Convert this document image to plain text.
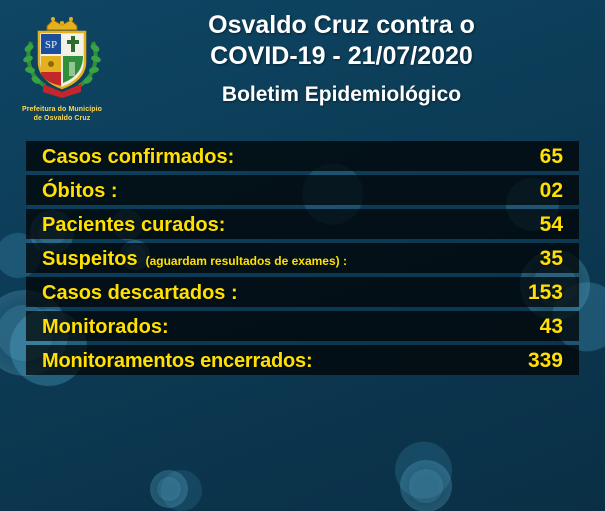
SP
Prefeitura do Município
de Osvaldo Cruz
Osvaldo Cruz contra o
COVID-19 - 21/07/2020
Boletim Epidemiológico
Casos confirmados:	65
Óbitos :	02
Pacientes curados:	54
Suspeitos (aguardam resultados de exames) :	35
Casos descartados :	153
Monitorados:	43
Monitoramentos encerrados:	339
